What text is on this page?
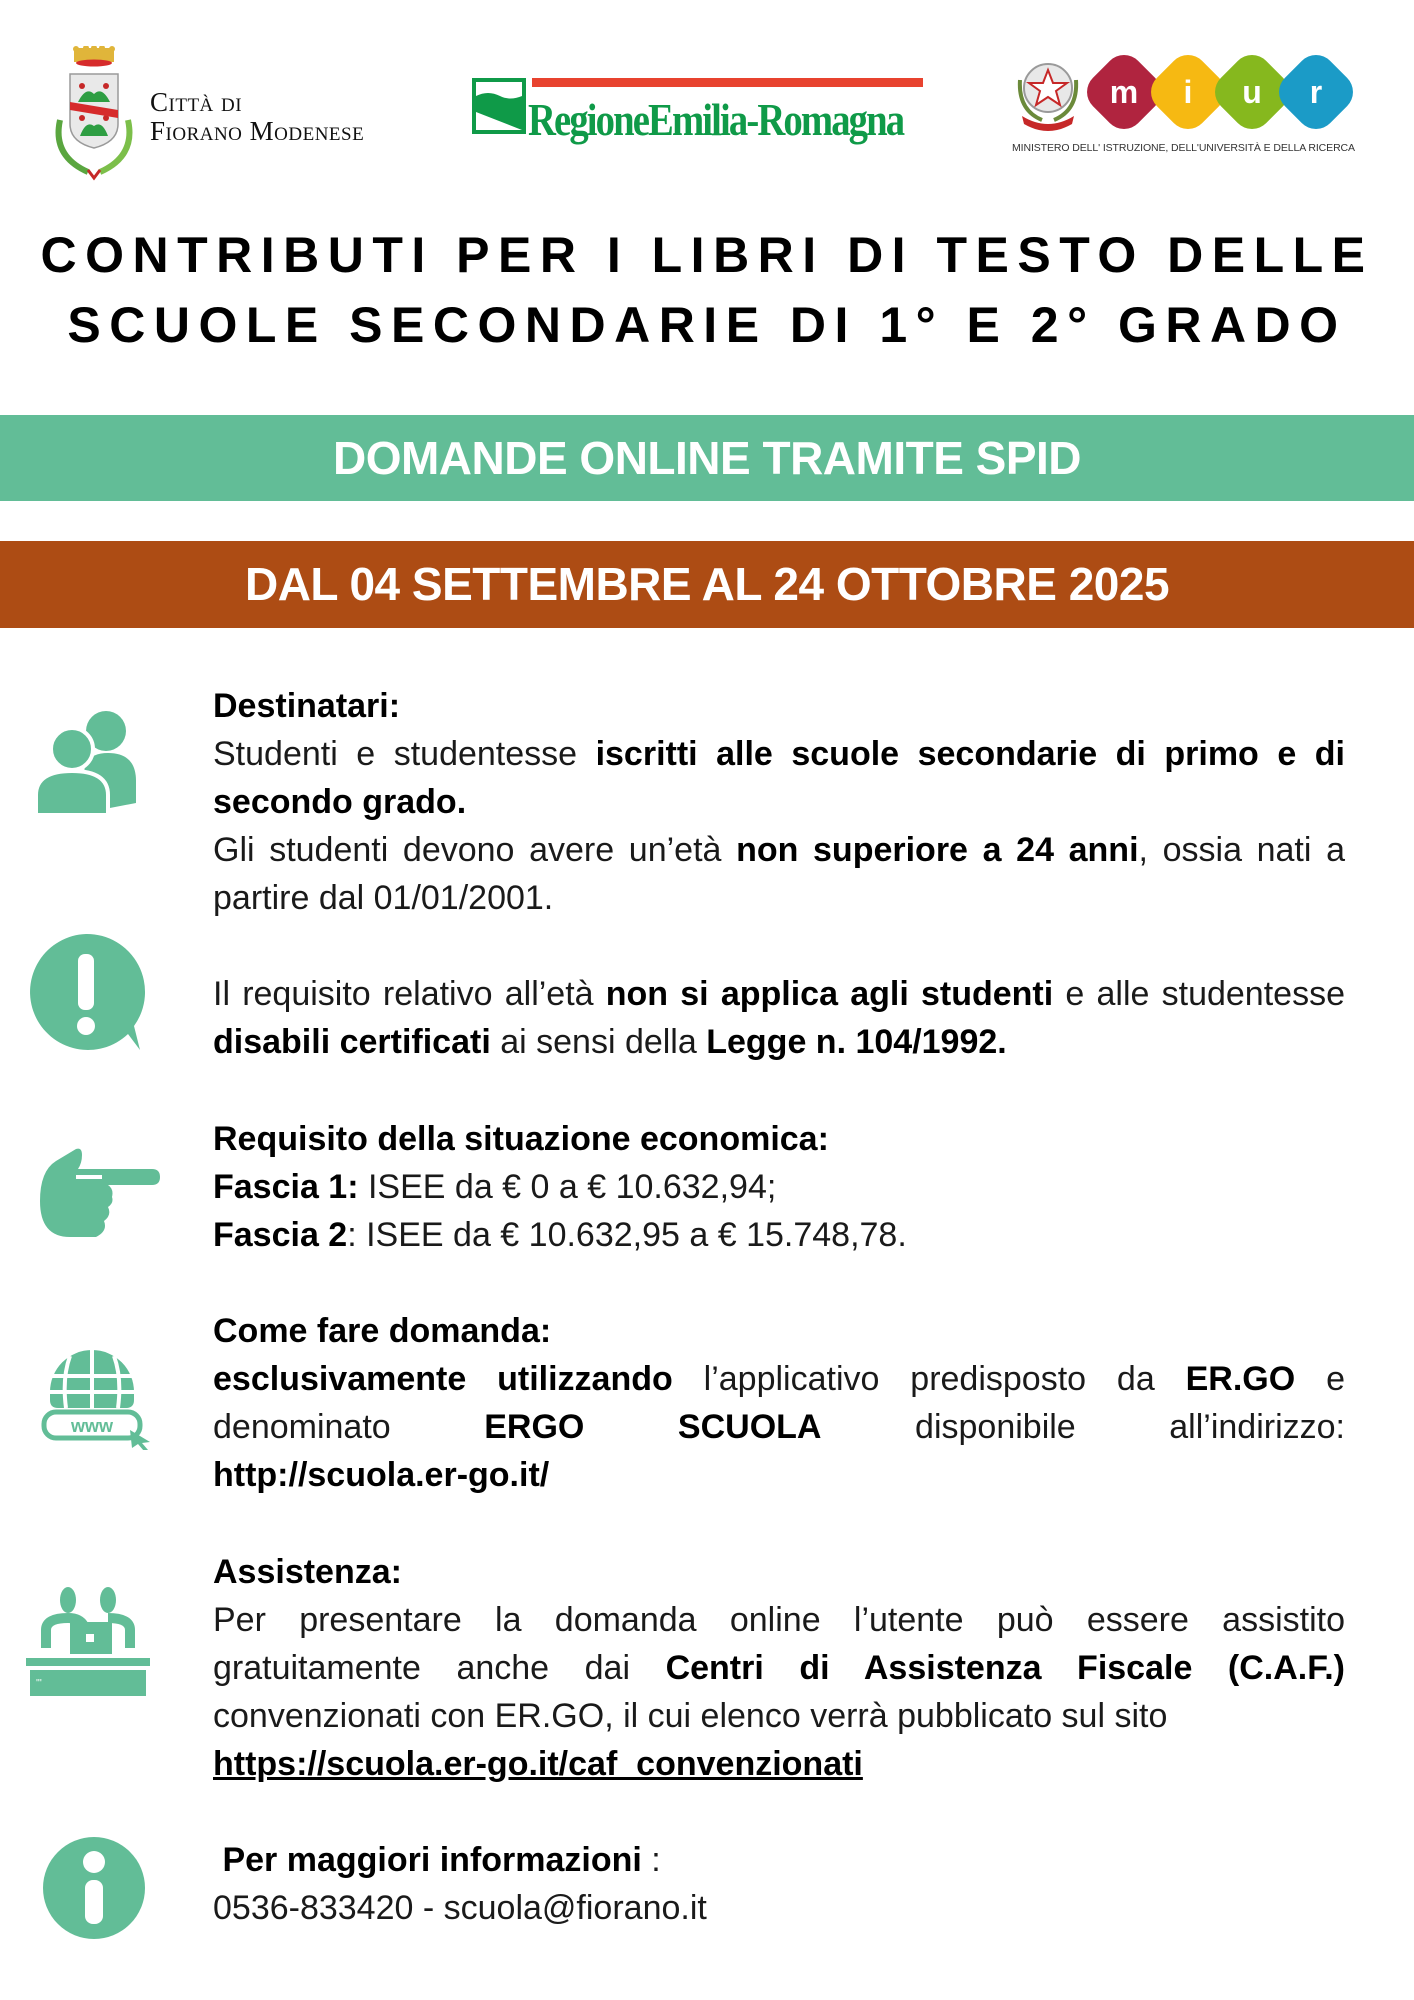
Città di
Fiorano Modenese	RegioneEmilia-Romagna
m i u r
MINISTERO DELL' ISTRUZIONE, DELL'UNIVERSITÀ E DELLA RICERCA
CONTRIBUTI PER I LIBRI DI TESTO DELLE
SCUOLE SECONDARIE DI 1° E 2° GRADO
DOMANDE ONLINE TRAMITE SPID
DAL 04 SETTEMBRE AL 24 OTTOBRE 2025

Destinatari:

Studenti e studentesse iscritti alle scuole secondarie di primo e di secondo grado.

Gli studenti devono avere un’età non superiore a 24 anni, ossia nati a partire dal 01/01/2001.

Il requisito relativo all’età non si applica agli studenti e alle studentesse disabili certificati ai sensi della Legge n. 104/1992.

Requisito della situazione economica:

Fascia 1: ISEE da € 0 a € 10.632,94;

Fascia 2: ISEE da € 10.632,95 a € 15.748,78.

www

Come fare domanda:

esclusivamente utilizzando l’applicativo predisposto da ER.GO e denominato ERGO SCUOLA disponibile all’indirizzo:

http://scuola.er-go.it/

'''

Assistenza:

Per presentare la domanda online l’utente può essere assistito gratuitamente anche dai Centri di Assistenza Fiscale (C.A.F.) convenzionati con ER.GO, il cui elenco verrà pubblicato sul sito

https://scuola.er-go.it/caf_convenzionati

Per maggiori informazioni :

0536-833420 - scuola@fiorano.it
